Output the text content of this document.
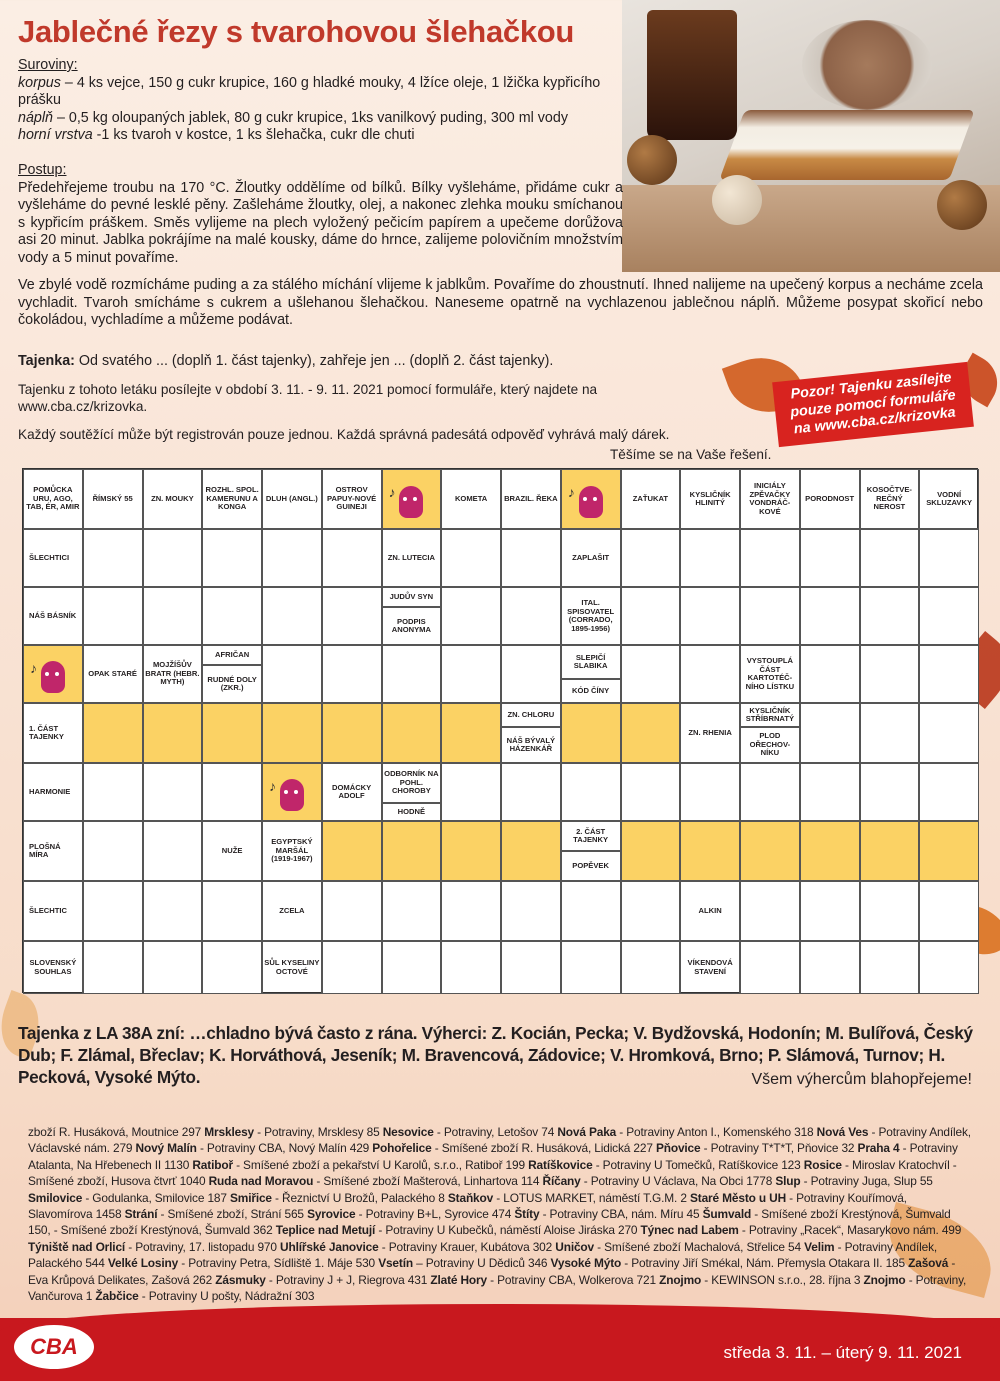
Jablečné řezy s tvarohovou šlehačkou
Suroviny:
korpus – 4 ks vejce, 150 g cukr krupice, 160 g hladké mouky, 4 lžíce oleje, 1 lžička kypřicího prášku
náplň – 0,5 kg oloupaných jablek, 80 g cukr krupice, 1ks vanilkový puding, 300 ml vody
horní vrstva -1 ks tvaroh v kostce, 1 ks šlehačka, cukr dle chuti
Postup:
Předehřejeme troubu na 170 °C. Žloutky oddělíme od bílků. Bílky vyšleháme, přidáme cukr a vyšleháme do pevné lesklé pěny. Zašleháme žloutky, olej, a nakonec zlehka mouku smíchanou s kypřicím práškem. Směs vylijeme na plech vyložený pečicím papírem a upečeme dorůžova asi 20 minut. Jablka pokrájíme na malé kousky, dáme do hrnce, zalijeme polovičním množstvím vody a 5 minut povaříme.
Ve zbylé vodě rozmícháme puding a za stálého míchání vlijeme k jablkům. Povaříme do zhoustnutí. Ihned nalijeme na upečený korpus a necháme zcela vychladit. Tvaroh smícháme s cukrem a ušlehanou šlehačkou. Naneseme opatrně na vychlazenou jablečnou náplň. Můžeme posypat skořicí nebo čokoládou, vychladíme a můžeme podávat.
Tajenka: Od svatého ... (doplň 1. část tajenky), zahřeje jen ... (doplň 2. část tajenky).
Tajenku z tohoto letáku posílejte v období 3. 11. - 9. 11. 2021 pomocí formuláře, který najdete na www.cba.cz/krizovka.
Každý soutěžící může být registrován pouze jednou. Každá správná padesátá odpověď vyhrává malý dárek.
Těšíme se na Vaše řešení.
Pozor! Tajenku zasílejte pouze pomocí formuláře na www.cba.cz/krizovka
POMŮCKA URU, AGO, TAB, ÉR, AMIR
ŘÍMSKÝ 55	ZN. MOUKY
ROZHL. SPOL. KAMERUNU A KONGA
DLUH (ANGL.)
OSTROV PAPUY-NOVÉ GUINEJI
♪	KOMETA	BRAZIL. ŘEKA ♪	ZAŤUKAT	KYSLIČNÍK HLINITÝ
INICIÁLY ZPĚVAČKY VONDRÁČ-KOVÉ
PORODNOST
KOSOČTVE-REČNÝ NEROST
VODNÍ SKLUZAVKY
ŠLECHTICI	ZN. LUTECIA	ZAPLAŠIT
NÁŠ BÁSNÍK
JUDŮV SYN
PODPIS ANONYMA
ITAL. SPISOVATEL (CORRADO, 1895-1956)
♪	OPAK STARÉ
MOJŽÍŠŮV BRATR (HEBR. MYTH)
AFRIČAN
RUDNÉ DOLY (ZKR.)
SLEPIČÍ SLABIKA
KÓD ČÍNY
VYSTOUPLÁ ČÁST KARTOTÉČ-NÍHO LÍSTKU
1. ČÁST TAJENKY
ZN. CHLORU
NÁŠ BÝVALÝ HÁZENKÁŘ
ZN. RHENIA
KYSLIČNÍK STŘÍBRNATÝ
PLOD OŘECHOV-NÍKU
HARMONIE	♪	DOMÁCKY ADOLF
ODBORNÍK NA POHL. CHOROBY
HODNĚ
PLOŠNÁ MÍRA	NUŽE
EGYPTSKÝ MARŠÁL (1919-1967)
2. ČÁST TAJENKY
POPĚVEK
ŠLECHTIC	ZCELA	ALKIN
SLOVENSKÝ SOUHLAS
SŮL KYSELINY OCTOVÉ
VÍKENDOVÁ STAVENÍ
Tajenka z LA 38A zní: …chladno bývá často z rána. Výherci: Z. Kocián, Pecka; V. Bydžovská, Hodonín; M. Bulířová, Český Dub; F. Zlámal, Břeclav; K. Horváthová, Jeseník; M. Bravencová, Zádovice; V. Hromková, Brno; P. Slámová, Turnov; H. Pecková, Vysoké Mýto.	Všem výhercům blahopřejeme!
zboží R. Husáková, Moutnice 297 Mrsklesy - Potraviny, Mrsklesy 85 Nesovice - Potraviny, Letošov 74 Nová Paka - Potraviny Anton I., Komenského 318 Nová Ves - Potraviny Andílek, Václavské nám. 279 Nový Malín - Potraviny CBA, Nový Malín 429 Pohořelice - Smíšené zboží R. Husáková, Lidická 227 Pňovice - Potraviny T*T*T, Pňovice 32 Praha 4 - Potraviny Atalanta, Na Hřebenech II 1130 Ratiboř - Smíšené zboží a pekařství U Karolů, s.r.o., Ratiboř 199 Ratíškovice - Potraviny U Tomečků, Ratíškovice 123 Rosice - Miroslav Kratochvíl - Smíšené zboží, Husova čtvrť 1040 Ruda nad Moravou - Smíšené zboží Mašterová, Linhartova 114 Říčany - Potraviny U Václava, Na Obci 1778 Slup - Potraviny Juga, Slup 55 Smilovice - Godulanka, Smilovice 187 Smiřice - Řeznictví U Brožů, Palackého 8 Staňkov - LOTUS MARKET, náměstí T.G.M. 2 Staré Město u UH - Potraviny Kouřímová, Slavomírova 1458 Strání - Smíšené zboží, Strání 565 Syrovice - Potraviny B+L, Syrovice 474 Štíty - Potraviny CBA, nám. Míru 45 Šumvald - Smíšené zboží Krestýnová, Šumvald 150, - Smíšené zboží Krestýnová, Šumvald 362 Teplice nad Metují - Potraviny U Kubečků, náměstí Aloise Jiráska 270 Týnec nad Labem - Potraviny „Racek“, Masarykovo nám. 499 Týniště nad Orlicí - Potraviny, 17. listopadu 970 Uhlířské Janovice - Potraviny Krauer, Kubátova 302 Uničov - Smíšené zboží Machalová, Střelice 54 Velim - Potraviny Andílek, Palackého 544 Velké Losiny - Potraviny Petra, Sídliště 1. Máje 530 Vsetín – Potraviny U Dědiců 346 Vysoké Mýto - Potraviny Jiří Smékal, Nám. Přemysla Otakara II. 185 Zašová - Eva Krůpová Delikates, Zašová 262 Zásmuky - Potraviny J + J, Riegrova 431 Zlaté Hory - Potraviny CBA, Wolkerova 721 Znojmo - KEWINSON s.r.o., 28. října 3 Znojmo - Potraviny, Vančurova 1 Žabčice - Potraviny U pošty, Nádražní 303
CBA	středa 3. 11. – úterý 9. 11. 2021
